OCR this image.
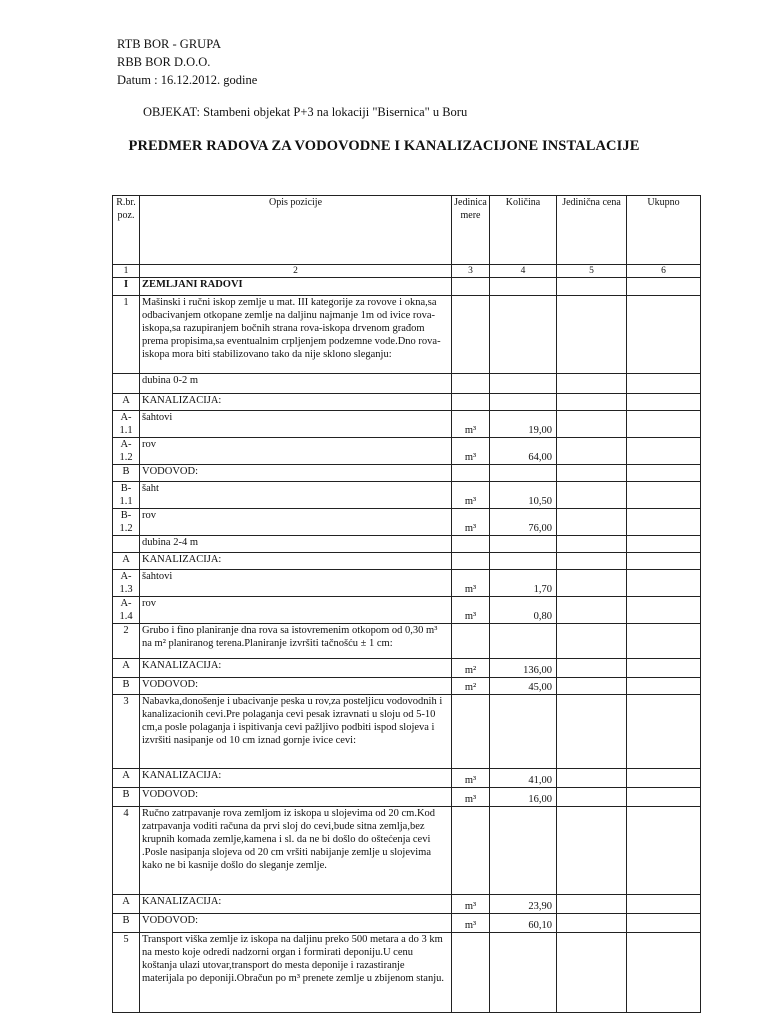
RTB BOR - GRUPA
RBB BOR D.O.O.
Datum : 16.12.2012. godine
OBJEKAT: Stambeni objekat P+3 na lokaciji "Bisernica" u Boru
PREDMER RADOVA ZA VODOVODNE I KANALIZACIJONE INSTALACIJE
R.br. poz.	Opis pozicije	Jedinica mere	Količina	Jedinična cena	Ukupno
1	2	3	4	5	6
I	ZEMLJANI RADOVI				
1	Mašinski i ručni iskop zemlje u mat. III kategorije za rovove i okna,sa odbacivanjem otkopane zemlje na daljinu najmanje 1m od ivice rova-iskopa,sa razupiranjem bočnih strana rova-iskopa drvenom građom prema propisima,sa eventualnim crpljenjem podzemne vode.Dno rova-iskopa mora biti stabilizovano tako da nije sklono sleganju:				
	dubina 0-2 m				
A	KANALIZACIJA:				
A-1.1	šahtovi	m³	19,00		
A-1.2	rov	m³	64,00		
B	VODOVOD:				
B-1.1	šaht	m³	10,50		
B-1.2	rov	m³	76,00		
	dubina 2-4 m				
A	KANALIZACIJA:				
A-1.3	šahtovi	m³	1,70		
A-1.4	rov	m³	0,80		
2	Grubo i fino planiranje dna rova sa istovremenim otkopom od 0,30 m³ na m² planiranog terena.Planiranje izvršiti tačnošću ± 1 cm:				
A	KANALIZACIJA:	m²	136,00		
B	VODOVOD:	m²	45,00		
3	Nabavka,donošenje i ubacivanje peska u rov,za posteljicu vodovodnih i kanalizacionih cevi.Pre polaganja cevi pesak izravnati u sloju od 5-10 cm,a posle polaganja i ispitivanja cevi pažljivo podbiti ispod slojeva i izvršiti nasipanje od 10 cm iznad gornje ivice cevi:				
A	KANALIZACIJA:	m³	41,00		
B	VODOVOD:	m³	16,00		
4	Ručno zatrpavanje rova zemljom iz iskopa u slojevima od 20 cm.Kod zatrpavanja voditi računa da prvi sloj do cevi,bude sitna zemlja,bez krupnih komada zemlje,kamena i sl. da ne bi došlo do oštećenja cevi .Posle nasipanja slojeva od 20 cm vršiti nabijanje zemlje u slojevima kako ne bi kasnije došlo do sleganje zemlje.				
A	KANALIZACIJA:	m³	23,90		
B	VODOVOD:	m³	60,10		
5	Transport viška zemlje iz iskopa na daljinu preko 500 metara a do 3 km na mesto koje odredi nadzorni organ i formirati deponiju.U cenu koštanja ulazi utovar,transport do mesta deponije i razastiranje materijala po deponiji.Obračun po m³ prenete zemlje u zbijenom stanju.				
